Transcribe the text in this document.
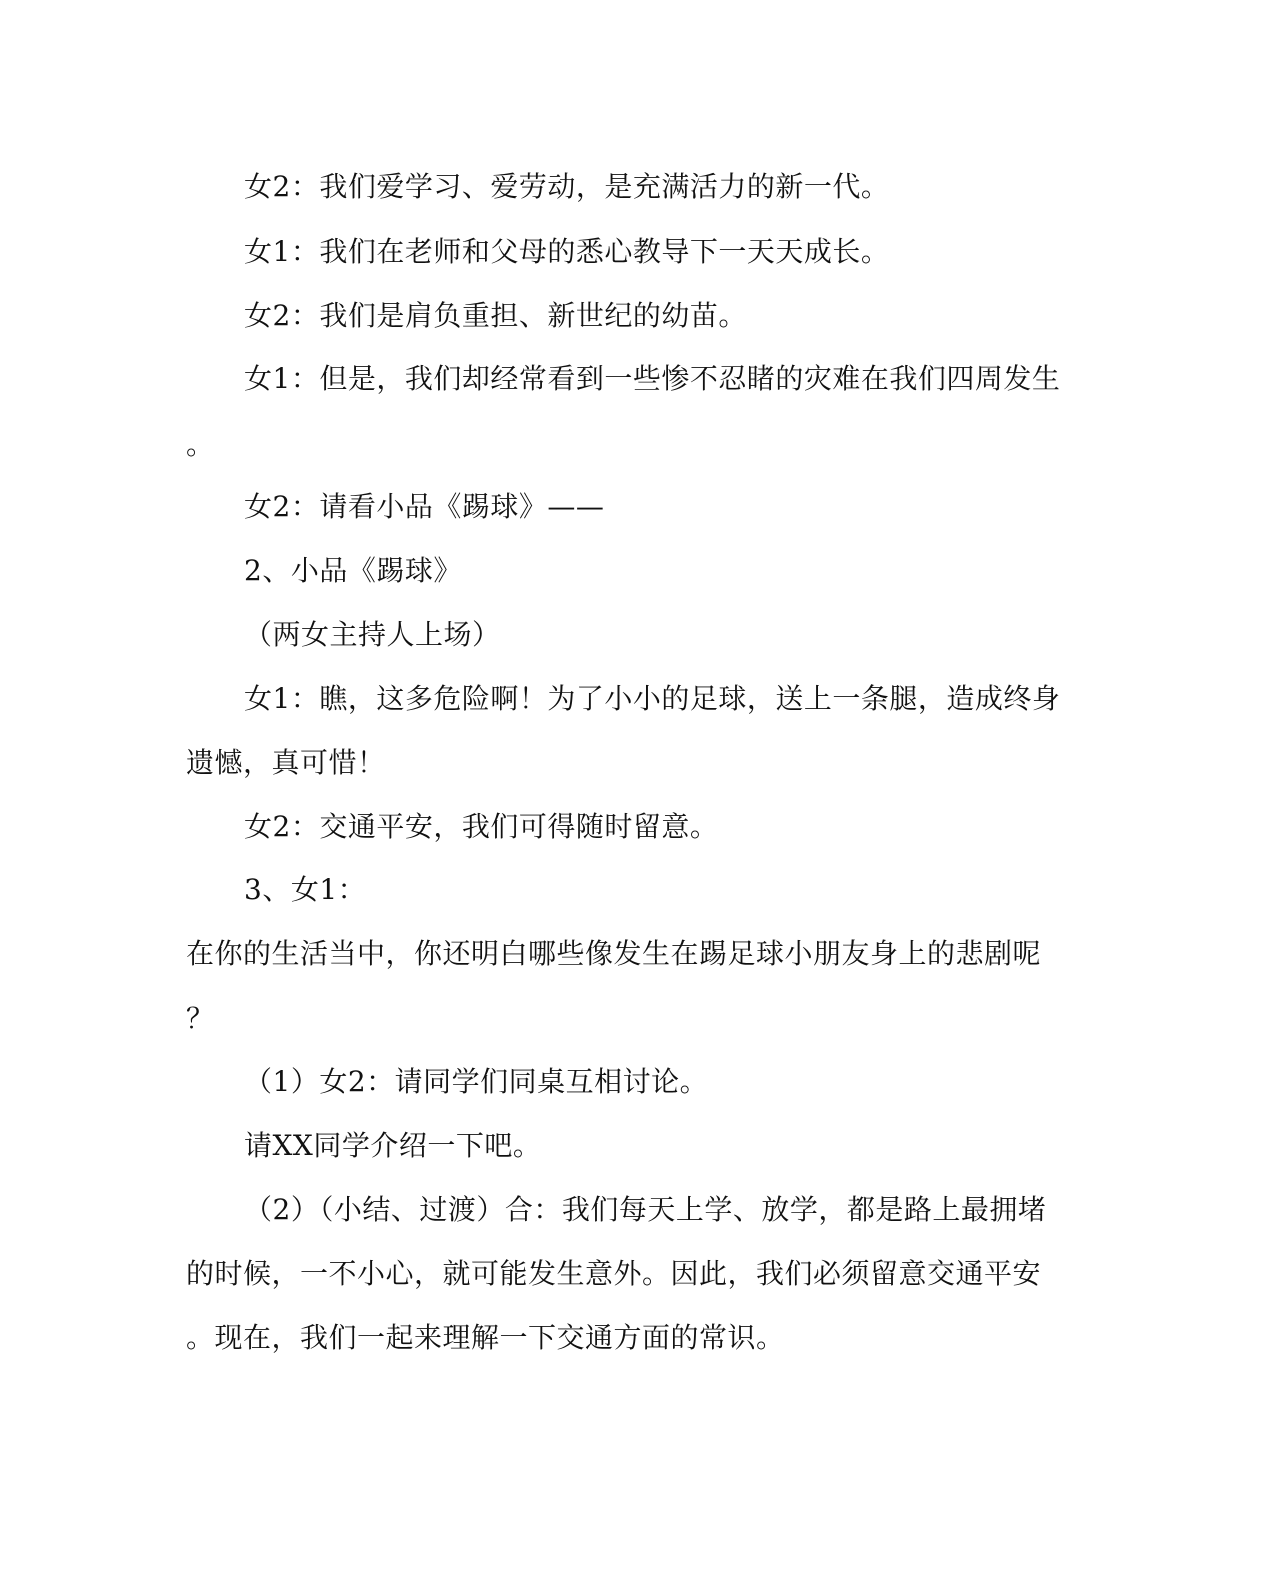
女2：我们爱学习、爱劳动，是充满活力的新一代。
女1：我们在老师和父母的悉心教导下一天天成长。
女2：我们是肩负重担、新世纪的幼苗。
女1：但是，我们却经常看到一些惨不忍睹的灾难在我们四周发生
。
女2：请看小品《踢球》——
2、小品《踢球》
（两女主持人上场）
女1：瞧，这多危险啊！为了小小的足球，送上一条腿，造成终身
遗憾，真可惜！
女2：交通平安，我们可得随时留意。
3、女1：
在你的生活当中，你还明白哪些像发生在踢足球小朋友身上的悲剧呢
？
（1）女2：请同学们同桌互相讨论。
请XX同学介绍一下吧。
（2）（小结、过渡）合：我们每天上学、放学，都是路上最拥堵
的时候，一不小心，就可能发生意外。因此，我们必须留意交通平安
。现在，我们一起来理解一下交通方面的常识。
